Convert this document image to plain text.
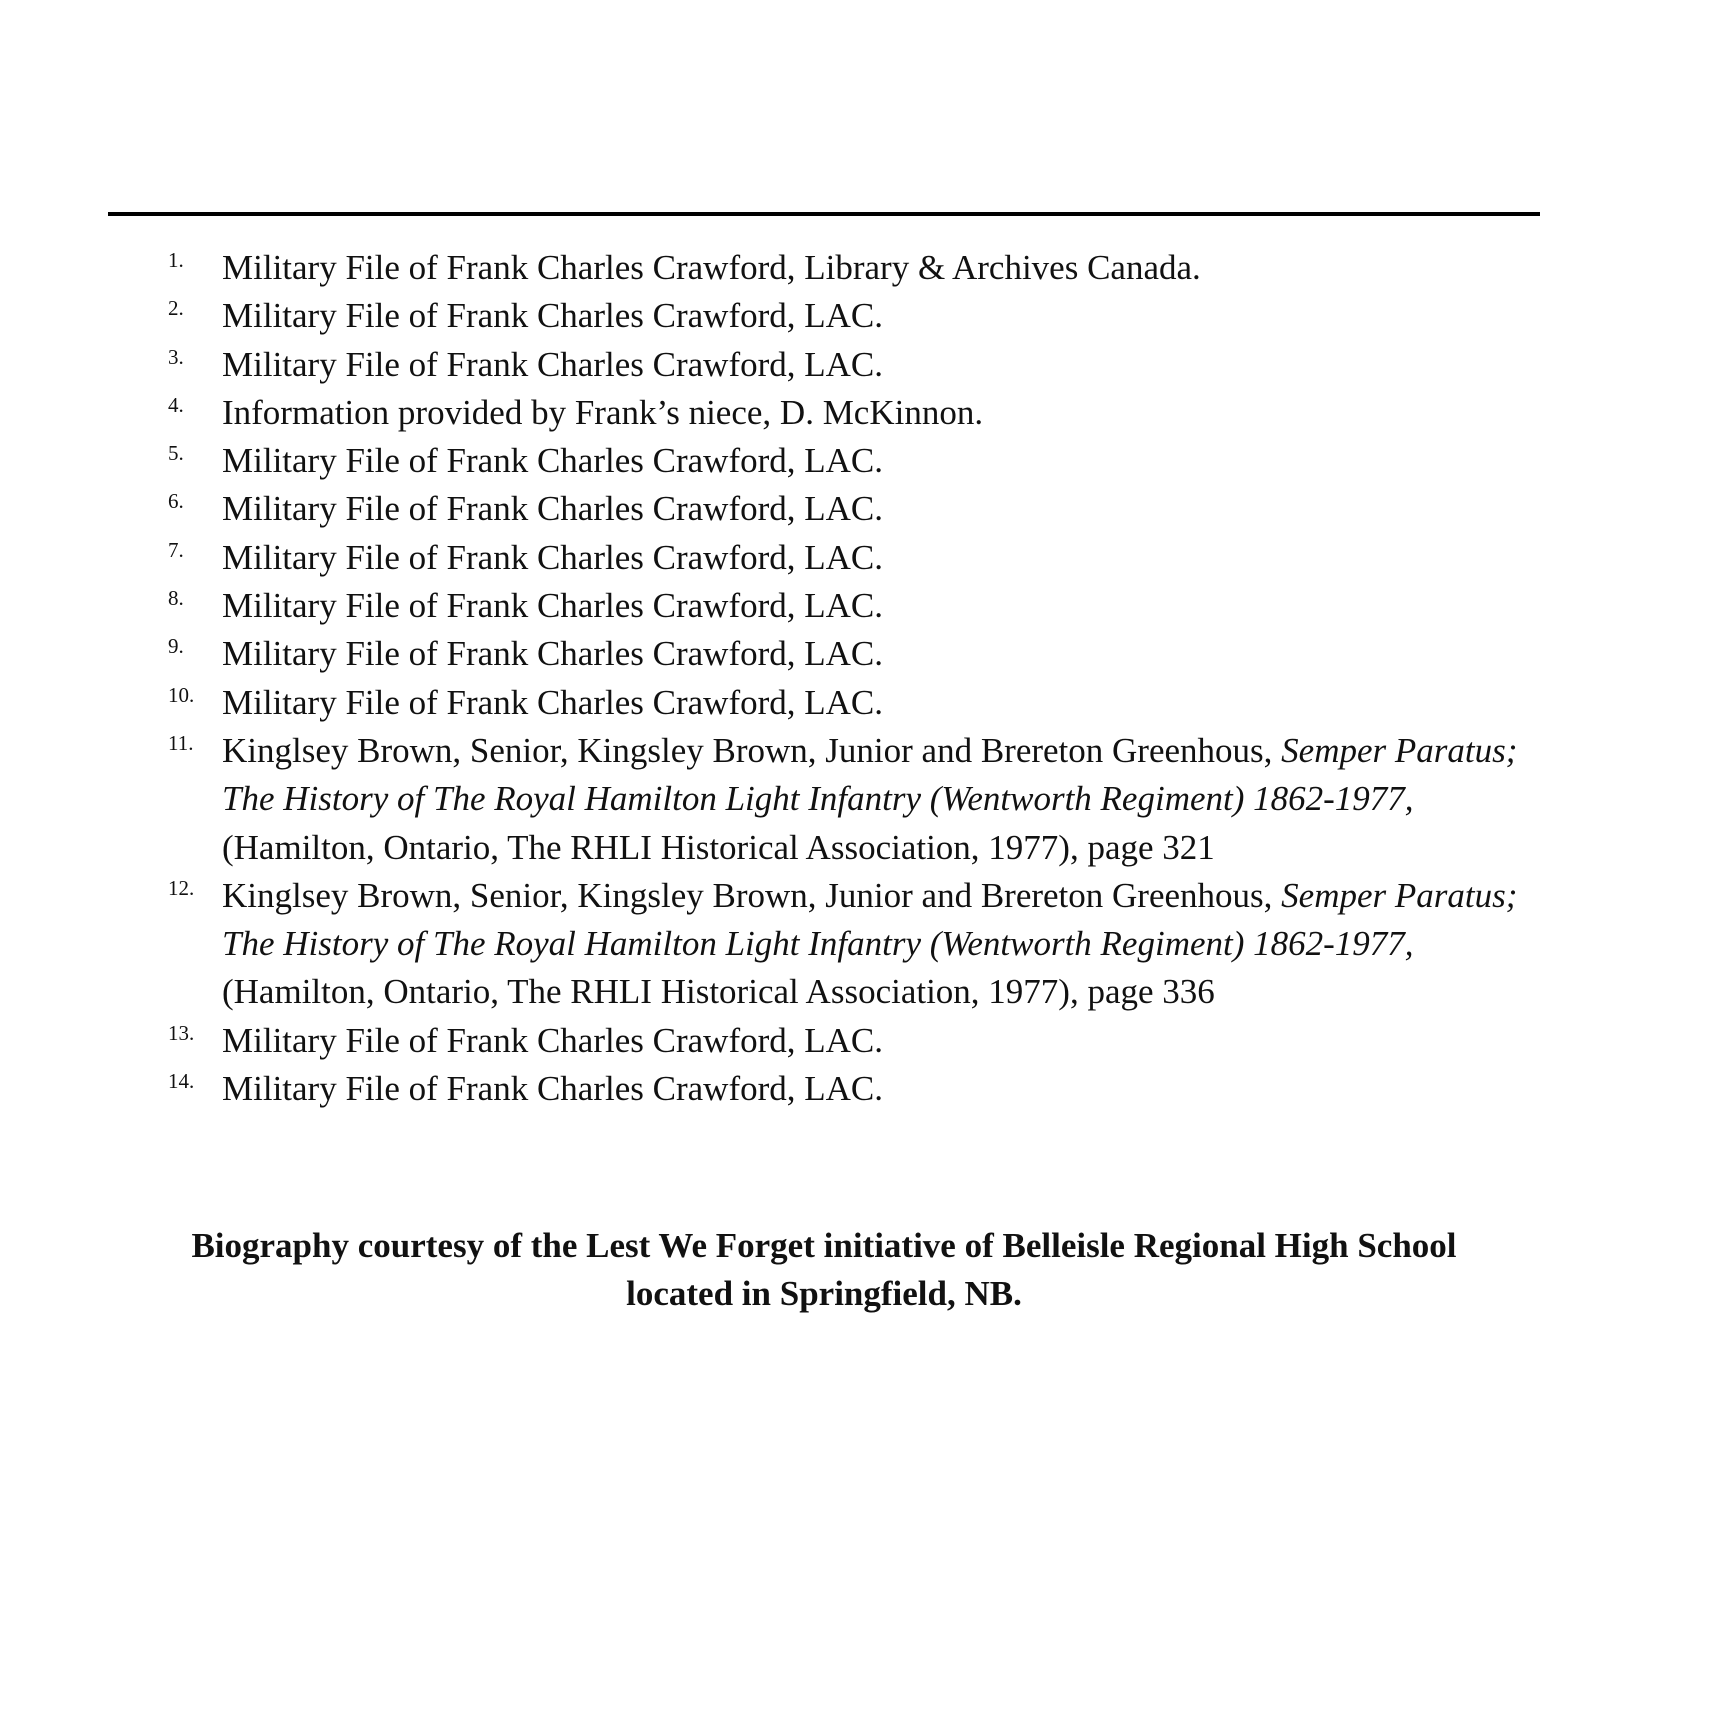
1.	Military File of Frank Charles Crawford, Library & Archives Canada.
2.	Military File of Frank Charles Crawford, LAC.
3.	Military File of Frank Charles Crawford, LAC.
4.	Information provided by Frank’s niece, D. McKinnon.
5.	Military File of Frank Charles Crawford, LAC.
6.	Military File of Frank Charles Crawford, LAC.
7.	Military File of Frank Charles Crawford, LAC.
8.	Military File of Frank Charles Crawford, LAC.
9.	Military File of Frank Charles Crawford, LAC.
10. Military File of Frank Charles Crawford, LAC.
11. Kinglsey Brown, Senior, Kingsley Brown, Junior and Brereton Greenhous, Semper Paratus; The History of The Royal Hamilton Light Infantry (Wentworth Regiment) 1862-1977, (Hamilton, Ontario, The RHLI Historical Association, 1977), page 321
12. Kinglsey Brown, Senior, Kingsley Brown, Junior and Brereton Greenhous, Semper Paratus; The History of The Royal Hamilton Light Infantry (Wentworth Regiment) 1862-1977, (Hamilton, Ontario, The RHLI Historical Association, 1977), page 336
13. Military File of Frank Charles Crawford, LAC.
14. Military File of Frank Charles Crawford, LAC.

Biography courtesy of the Lest We Forget initiative of Belleisle Regional High School
located in Springfield, NB.
